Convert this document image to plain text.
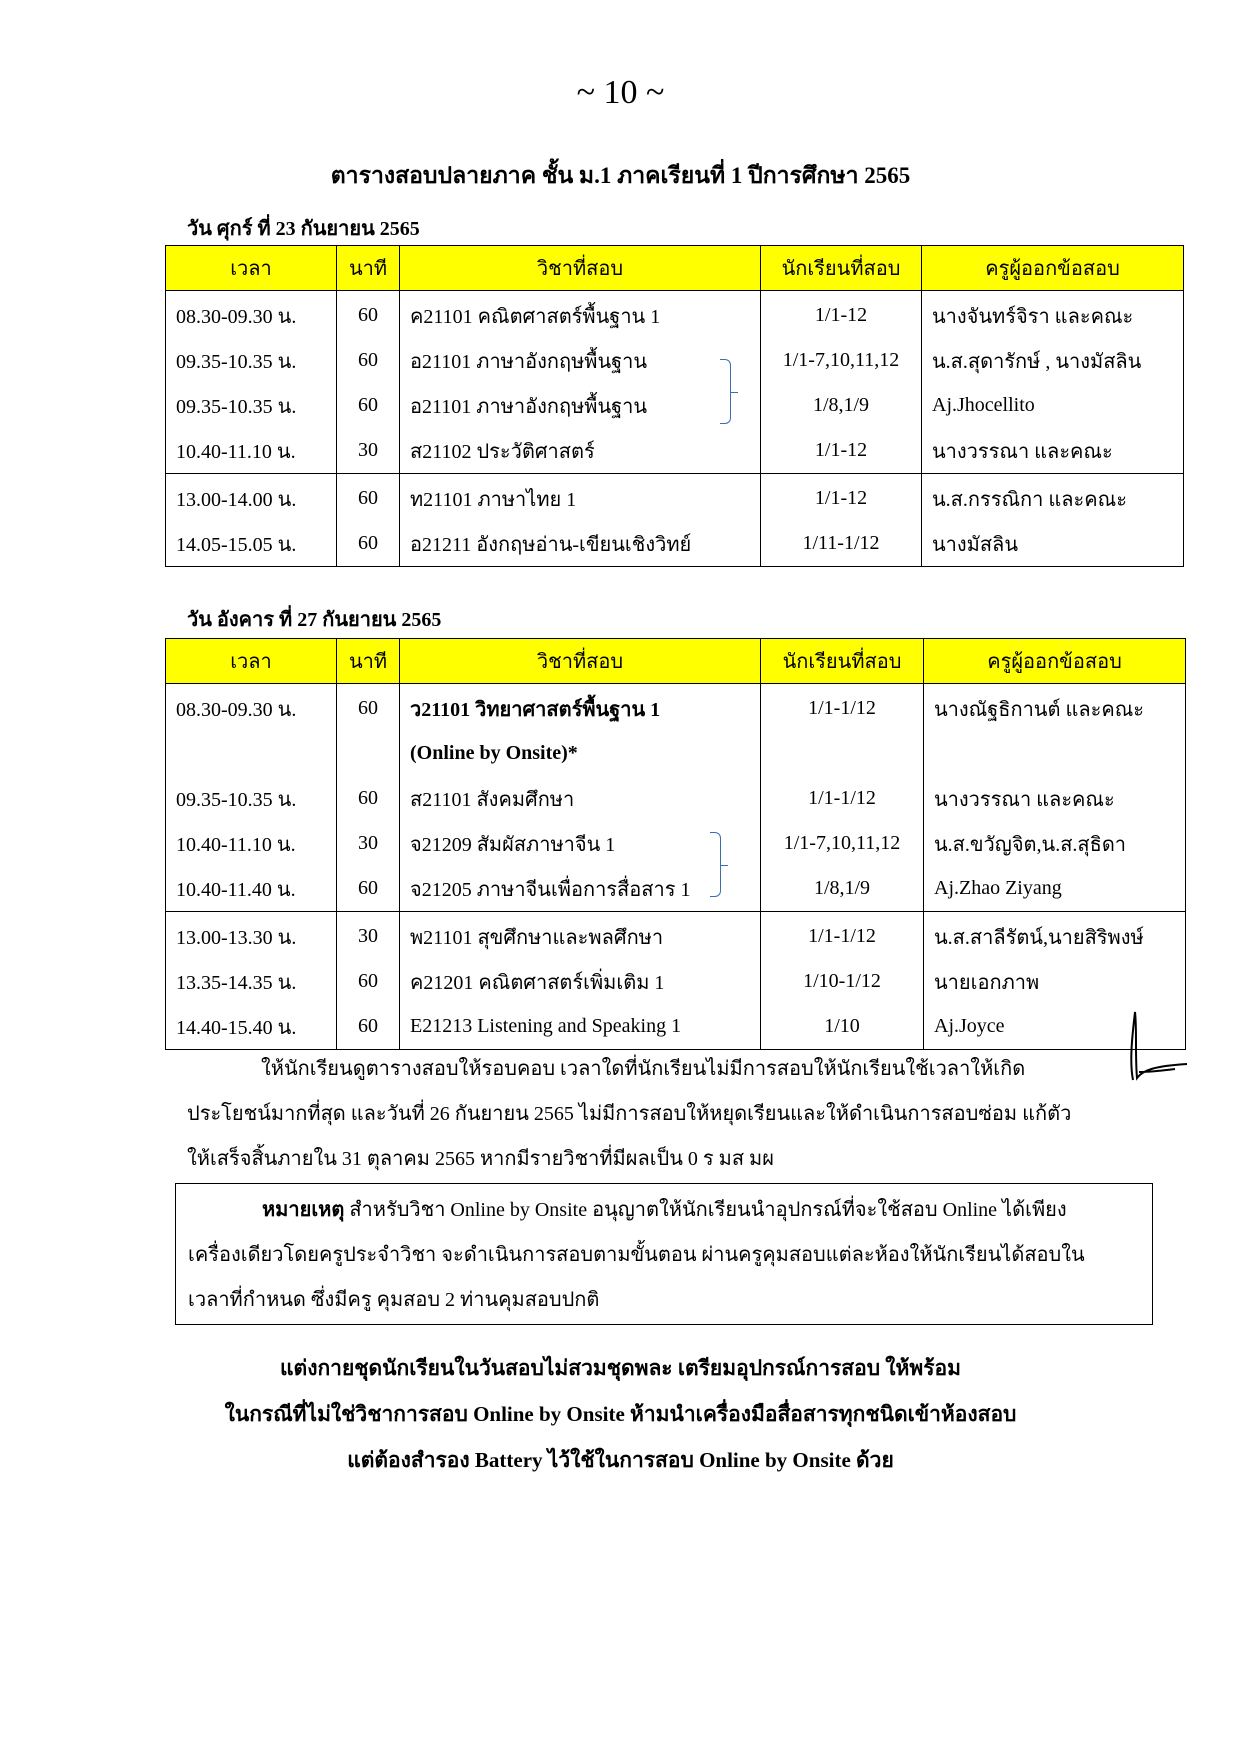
~ 10 ~
ตารางสอบปลายภาค ชั้น ม.1 ภาคเรียนที่ 1 ปีการศึกษา 2565
วัน ศุกร์ ที่ 23 กันยายน 2565
เวลา	นาที	วิชาที่สอบ	นักเรียนที่สอบ	ครูผู้ออกข้อสอบ
08.30-09.30 น.	60	ค21101 คณิตศาสตร์พื้นฐาน 1	1/1-12	นางจันทร์จิรา และคณะ
09.35-10.35 น.	60	อ21101 ภาษาอังกฤษพื้นฐาน	1/1-7,10,11,12	น.ส.สุดารักษ์ , นางมัสลิน
09.35-10.35 น.	60	อ21101 ภาษาอังกฤษพื้นฐาน	1/8,1/9	Aj.Jhocellito
10.40-11.10 น.	30	ส21102 ประวัติศาสตร์	1/1-12	นางวรรณา และคณะ
13.00-14.00 น.	60	ท21101 ภาษาไทย 1	1/1-12	น.ส.กรรณิกา และคณะ
14.05-15.05 น.	60	อ21211 อังกฤษอ่าน-เขียนเชิงวิทย์	1/11-1/12	นางมัสลิน
วัน อังคาร ที่ 27 กันยายน 2565
เวลา	นาที	วิชาที่สอบ	นักเรียนที่สอบ	ครูผู้ออกข้อสอบ
08.30-09.30 น.	60	ว21101 วิทยาศาสตร์พื้นฐาน 1	1/1-1/12	นางณัฐธิกานต์ และคณะ
		(Online by Onsite)*		
09.35-10.35 น.	60	ส21101 สังคมศึกษา	1/1-1/12	นางวรรณา และคณะ
10.40-11.10 น.	30	จ21209 สัมผัสภาษาจีน 1	1/1-7,10,11,12	น.ส.ขวัญจิต,น.ส.สุธิดา
10.40-11.40 น.	60	จ21205 ภาษาจีนเพื่อการสื่อสาร 1	1/8,1/9	Aj.Zhao Ziyang
13.00-13.30 น.	30	พ21101 สุขศึกษาและพลศึกษา	1/1-1/12	น.ส.สาลีรัตน์,นายสิริพงษ์
13.35-14.35 น.	60	ค21201 คณิตศาสตร์เพิ่มเติม 1	1/10-1/12	นายเอกภาพ
14.40-15.40 น.	60	E21213 Listening and Speaking 1	1/10	Aj.Joyce

ให้นักเรียนดูตารางสอบให้รอบคอบ เวลาใดที่นักเรียนไม่มีการสอบให้นักเรียนใช้เวลาให้เกิด

ประโยชน์มากที่สุด และวันที่ 26 กันยายน 2565 ไม่มีการสอบให้หยุดเรียนและให้ดำเนินการสอบซ่อม แก้ตัว

ให้เสร็จสิ้นภายใน 31 ตุลาคม 2565 หากมีรายวิชาที่มีผลเป็น 0 ร มส มผ

หมายเหตุ สำหรับวิชา Online by Onsite อนุญาตให้นักเรียนนำอุปกรณ์ที่จะใช้สอบ Online ได้เพียง

เครื่องเดียวโดยครูประจำวิชา จะดำเนินการสอบตามขั้นตอน ผ่านครูคุมสอบแต่ละห้องให้นักเรียนได้สอบใน

เวลาที่กำหนด ซึ่งมีครู คุมสอบ 2 ท่านคุมสอบปกติ

แต่งกายชุดนักเรียนในวันสอบไม่สวมชุดพละ เตรียมอุปกรณ์การสอบ ให้พร้อม

ในกรณีที่ไม่ใช่วิชาการสอบ Online by Onsite ห้ามนำเครื่องมือสื่อสารทุกชนิดเข้าห้องสอบ

แต่ต้องสำรอง Battery ไว้ใช้ในการสอบ Online by Onsite ด้วย
